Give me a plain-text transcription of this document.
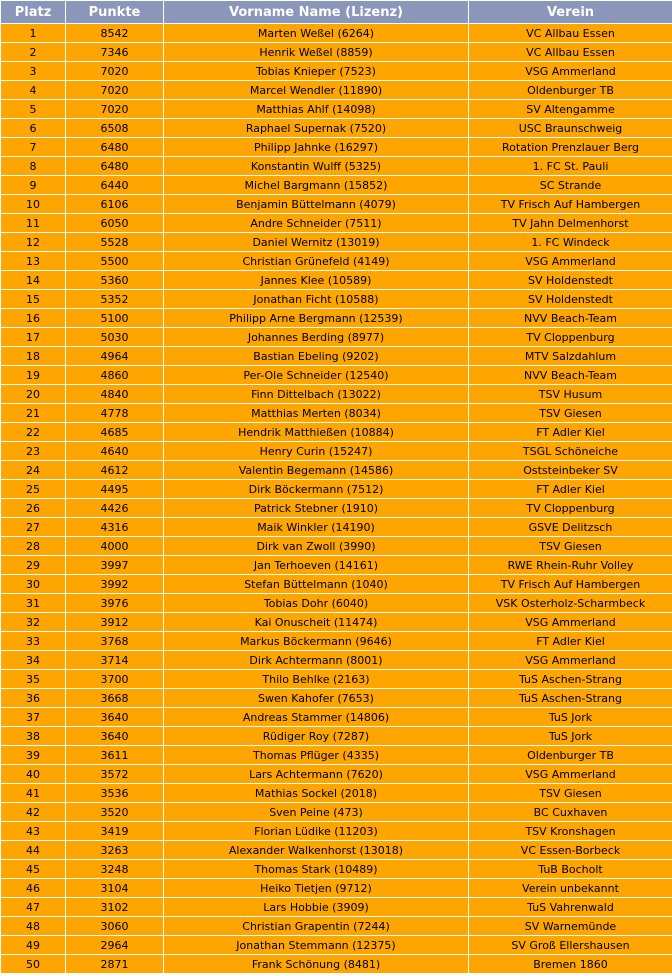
Platz	Punkte	Vorname Name (Lizenz)	Verein
1	8542	Marten Weßel (6264)	VC Allbau Essen
2	7346	Henrik Weßel (8859)	VC Allbau Essen
3	7020	Tobias Knieper (7523)	VSG Ammerland
4	7020	Marcel Wendler (11890)	Oldenburger TB
5	7020	Matthias Ahlf (14098)	SV Altengamme
6	6508	Raphael Supernak (7520)	USC Braunschweig
7	6480	Philipp Jahnke (16297)	Rotation Prenzlauer Berg
8	6480	Konstantin Wulff (5325)	1. FC St. Pauli
9	6440	Michel Bargmann (15852)	SC Strande
10	6106	Benjamin Büttelmann (4079)	TV Frisch Auf Hambergen
11	6050	Andre Schneider (7511)	TV Jahn Delmenhorst
12	5528	Daniel Wernitz (13019)	1. FC Windeck
13	5500	Christian Grünefeld (4149)	VSG Ammerland
14	5360	Jannes Klee (10589)	SV Holdenstedt
15	5352	Jonathan Ficht (10588)	SV Holdenstedt
16	5100	Philipp Arne Bergmann (12539)	NVV Beach-Team
17	5030	Johannes Berding (8977)	TV Cloppenburg
18	4964	Bastian Ebeling (9202)	MTV Salzdahlum
19	4860	Per-Ole Schneider (12540)	NVV Beach-Team
20	4840	Finn Dittelbach (13022)	TSV Husum
21	4778	Matthias Merten (8034)	TSV Giesen
22	4685	Hendrik Matthießen (10884)	FT Adler Kiel
23	4640	Henry Curin (15247)	TSGL Schöneiche
24	4612	Valentin Begemann (14586)	Oststeinbeker SV
25	4495	Dirk Böckermann (7512)	FT Adler Kiel
26	4426	Patrick Stebner (1910)	TV Cloppenburg
27	4316	Maik Winkler (14190)	GSVE Delitzsch
28	4000	Dirk van Zwoll (3990)	TSV Giesen
29	3997	Jan Terhoeven (14161)	RWE Rhein-Ruhr Volley
30	3992	Stefan Büttelmann (1040)	TV Frisch Auf Hambergen
31	3976	Tobias Dohr (6040)	VSK Osterholz-Scharmbeck
32	3912	Kai Onuscheit (11474)	VSG Ammerland
33	3768	Markus Böckermann (9646)	FT Adler Kiel
34	3714	Dirk Achtermann (8001)	VSG Ammerland
35	3700	Thilo Behlke (2163)	TuS Aschen-Strang
36	3668	Swen Kahofer (7653)	TuS Aschen-Strang
37	3640	Andreas Stammer (14806)	TuS Jork
38	3640	Rüdiger Roy (7287)	TuS Jork
39	3611	Thomas Pflüger (4335)	Oldenburger TB
40	3572	Lars Achtermann (7620)	VSG Ammerland
41	3536	Mathias Sockel (2018)	TSV Giesen
42	3520	Sven Peine (473)	BC Cuxhaven
43	3419	Florian Lüdike (11203)	TSV Kronshagen
44	3263	Alexander Walkenhorst (13018)	VC Essen-Borbeck
45	3248	Thomas Stark (10489)	TuB Bocholt
46	3104	Heiko Tietjen (9712)	Verein unbekannt
47	3102	Lars Hobbie (3909)	TuS Vahrenwald
48	3060	Christian Grapentin (7244)	SV Warnemünde
49	2964	Jonathan Stemmann (12375)	SV Groß Ellershausen
50	2871	Frank Schönung (8481)	Bremen 1860
